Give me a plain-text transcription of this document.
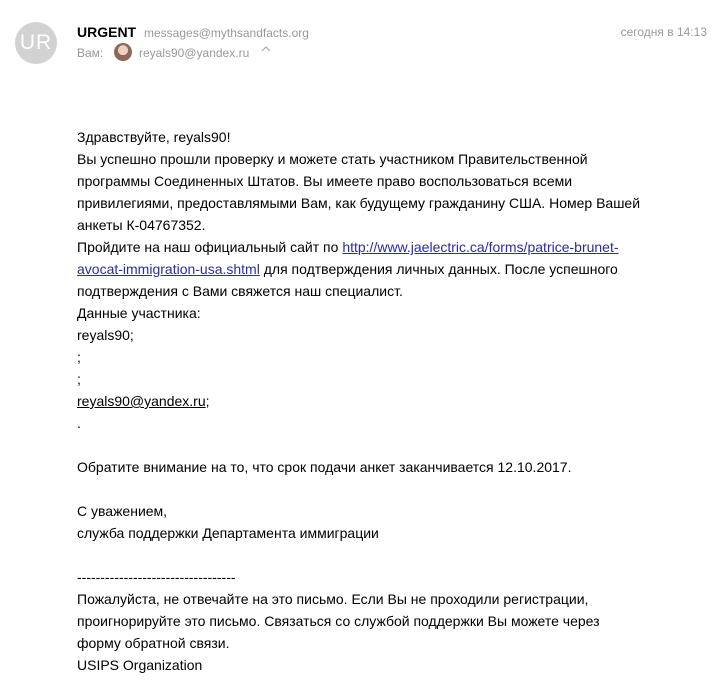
UR	URGENT messages@mythsandfacts.org	сегодня в 14:13
Вам:	reyals90@yandex.ru

Здравствуйте, reyals90!

Вы успешно прошли проверку и можете стать участником Правительственной

программы Соединенных Штатов. Вы имеете право воспользоваться всеми

привилегиями, предоставлямыми Вам, как будущему гражданину США. Номер Вашей

анкеты К-04767352.

Пройдите на наш официальный сайт по http://www.jaelectric.ca/forms/patrice-brunet-

avocat-immigration-usa.shtml для подтверждения личных данных. После успешного

подтверждения с Вами свяжется наш специалист.

Данные участника:

reyals90;

;

;

reyals90@yandex.ru;

.

Обратите внимание на то, что срок подачи анкет заканчивается 12.10.2017.

С уважением,

служба поддержки Департамента иммиграции

----------------------------------

Пожалуйста, не отвечайте на это письмо. Если Вы не проходили регистрации,

проигнорируйте это письмо. Связаться со службой поддержки Вы можете через

форму обратной связи.

USIPS Organization
